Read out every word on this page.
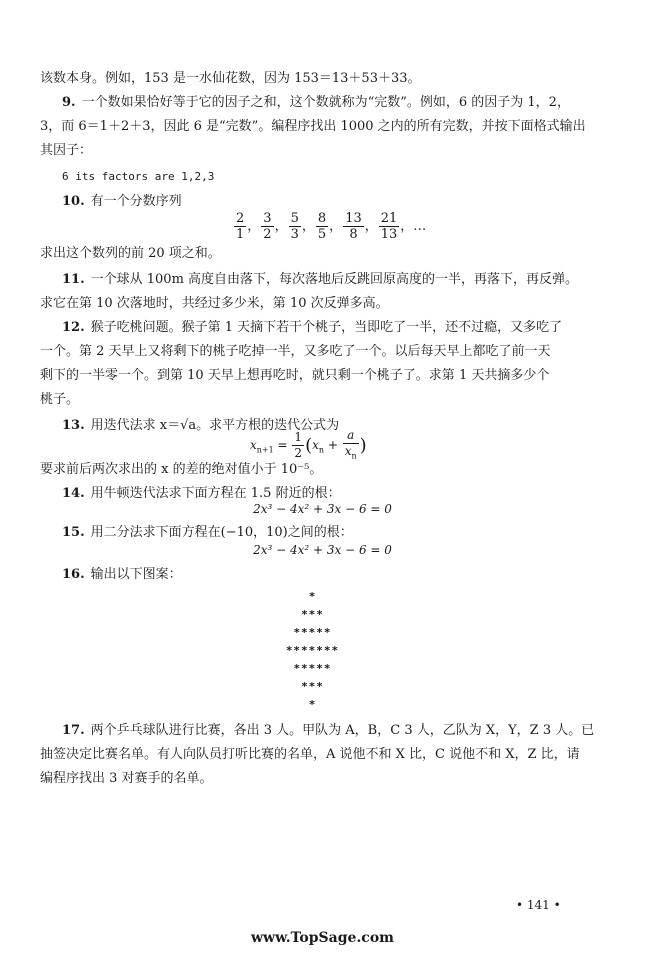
该数本身。例如，153 是一水仙花数，因为 153＝13＋53＋33。
9. 一个数如果恰好等于它的因子之和，这个数就称为“完数”。例如，6 的因子为 1，2，
3，而 6＝1＋2＋3，因此 6 是“完数”。编程序找出 1000 之内的所有完数，并按下面格式输出
其因子：
6 its factors are 1,2,3
10. 有一个分数序列
$\frac{2}{1}$ ， $\frac{3}{2}$ ， $\frac{5}{3}$ ， $\frac{8}{5}$ ， $\frac{13}{8}$ ， $\frac{21}{13}$ ，…
求出这个数列的前 20 项之和。
11. 一个球从 100m 高度自由落下，每次落地后反跳回原高度的一半，再落下，再反弹。
求它在第 10 次落地时，共经过多少米，第 10 次反弹多高。
12. 猴子吃桃问题。猴子第 1 天摘下若干个桃子，当即吃了一半，还不过瘾，又多吃了
一个。第 2 天早上又将剩下的桃子吃掉一半，又多吃了一个。以后每天早上都吃了前一天
剩下的一半零一个。到第 10 天早上想再吃时，就只剩一个桃子了。求第 1 天共摘多少个
桃子。
13. 用迭代法求 x＝√a。求平方根的迭代公式为
$x_{n+1} = \frac{1}{2} (x_n + \frac{a}{x_n}$ )
要求前后两次求出的 x 的差的绝对值小于 10⁻⁵。
14. 用牛顿迭代法求下面方程在 1.5 附近的根：
2x³ − 4x² + 3x − 6 = 0
15. 用二分法求下面方程在(−10，10)之间的根：
2x³ − 4x² + 3x − 6 = 0
16. 输出以下图案：
*
***
*****
*******
*****
***
*
17. 两个乒乓球队进行比赛，各出 3 人。甲队为 A，B，C 3 人，乙队为 X，Y，Z 3 人。已
抽签决定比赛名单。有人向队员打听比赛的名单，A 说他不和 X 比，C 说他不和 X，Z 比，请
编程序找出 3 对赛手的名单。
• 141 •
www.TopSage.com
